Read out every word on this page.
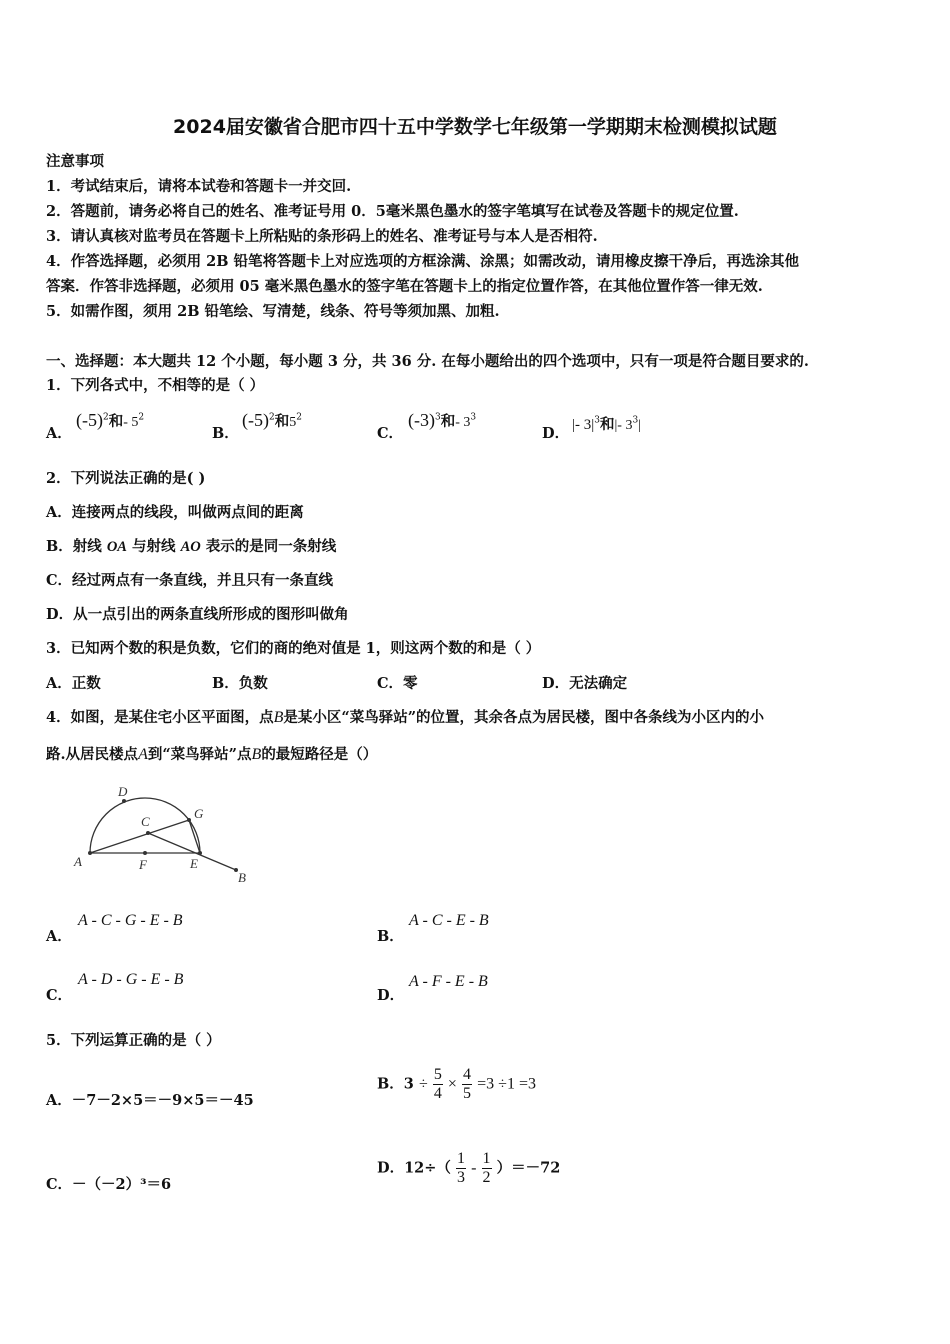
2024届安徽省合肥市四十五中学数学七年级第一学期期末检测模拟试题
注意事项
1．考试结束后，请将本试卷和答题卡一并交回.
2．答题前，请务必将自己的姓名、准考证号用 0．5毫米黑色墨水的签字笔填写在试卷及答题卡的规定位置.
3．请认真核对监考员在答题卡上所粘贴的条形码上的姓名、准考证号与本人是否相符.
4．作答选择题，必须用 2B 铅笔将答题卡上对应选项的方框涂满、涂黑；如需改动，请用橡皮擦干净后，再选涂其他
答案．作答非选择题，必须用 05 毫米黑色墨水的签字笔在答题卡上的指定位置作答，在其他位置作答一律无效.
5．如需作图，须用 2B 铅笔绘、写清楚，线条、符号等须加黑、加粗.
一、选择题：本大题共 12 个小题，每小题 3 分，共 36 分. 在每小题给出的四个选项中，只有一项是符合题目要求的.
1．下列各式中，不相等的是（ ）
A．
$(-5)^2$和- $5^2$
B．
$(-5)^2$和$5^2$
C．
$(-3)^3$和- $3^3$
D． |- $3|^3$和|- $3^3|$
2．下列说法正确的是( )
A．连接两点的线段，叫做两点间的距离
B．射线 OA 与射线 AO 表示的是同一条射线
C．经过两点有一条直线，并且只有一条直线
D．从一点引出的两条直线所形成的图形叫做角
3．已知两个数的积是负数，它们的商的绝对值是 1，则这两个数的和是（ ）
A．正数	B．负数	C．零	D．无法确定
4．如图，是某住宅小区平面图，点B是某小区“菜鸟驿站”的位置，其余各点为居民楼，图中各条线为小区内的小
路.从居民楼点A到“菜鸟驿站”点B的最短路径是（）
D
G
C
A	F	E
B
A．
A - C - G - E - B
B．
A - C - E - B
C．
A - D - G - E - B
D．
A - F - E - B
5．下列运算正确的是（ ）
A．－7－2×5＝－9×5＝－45
B．$3 \div \frac{5}{4} \times \frac{4}{5} =3 \div 1 =3$
C．－（－2）³＝6
D．$12\div( \frac{1}{3} - \frac{1}{2} )=-72$
